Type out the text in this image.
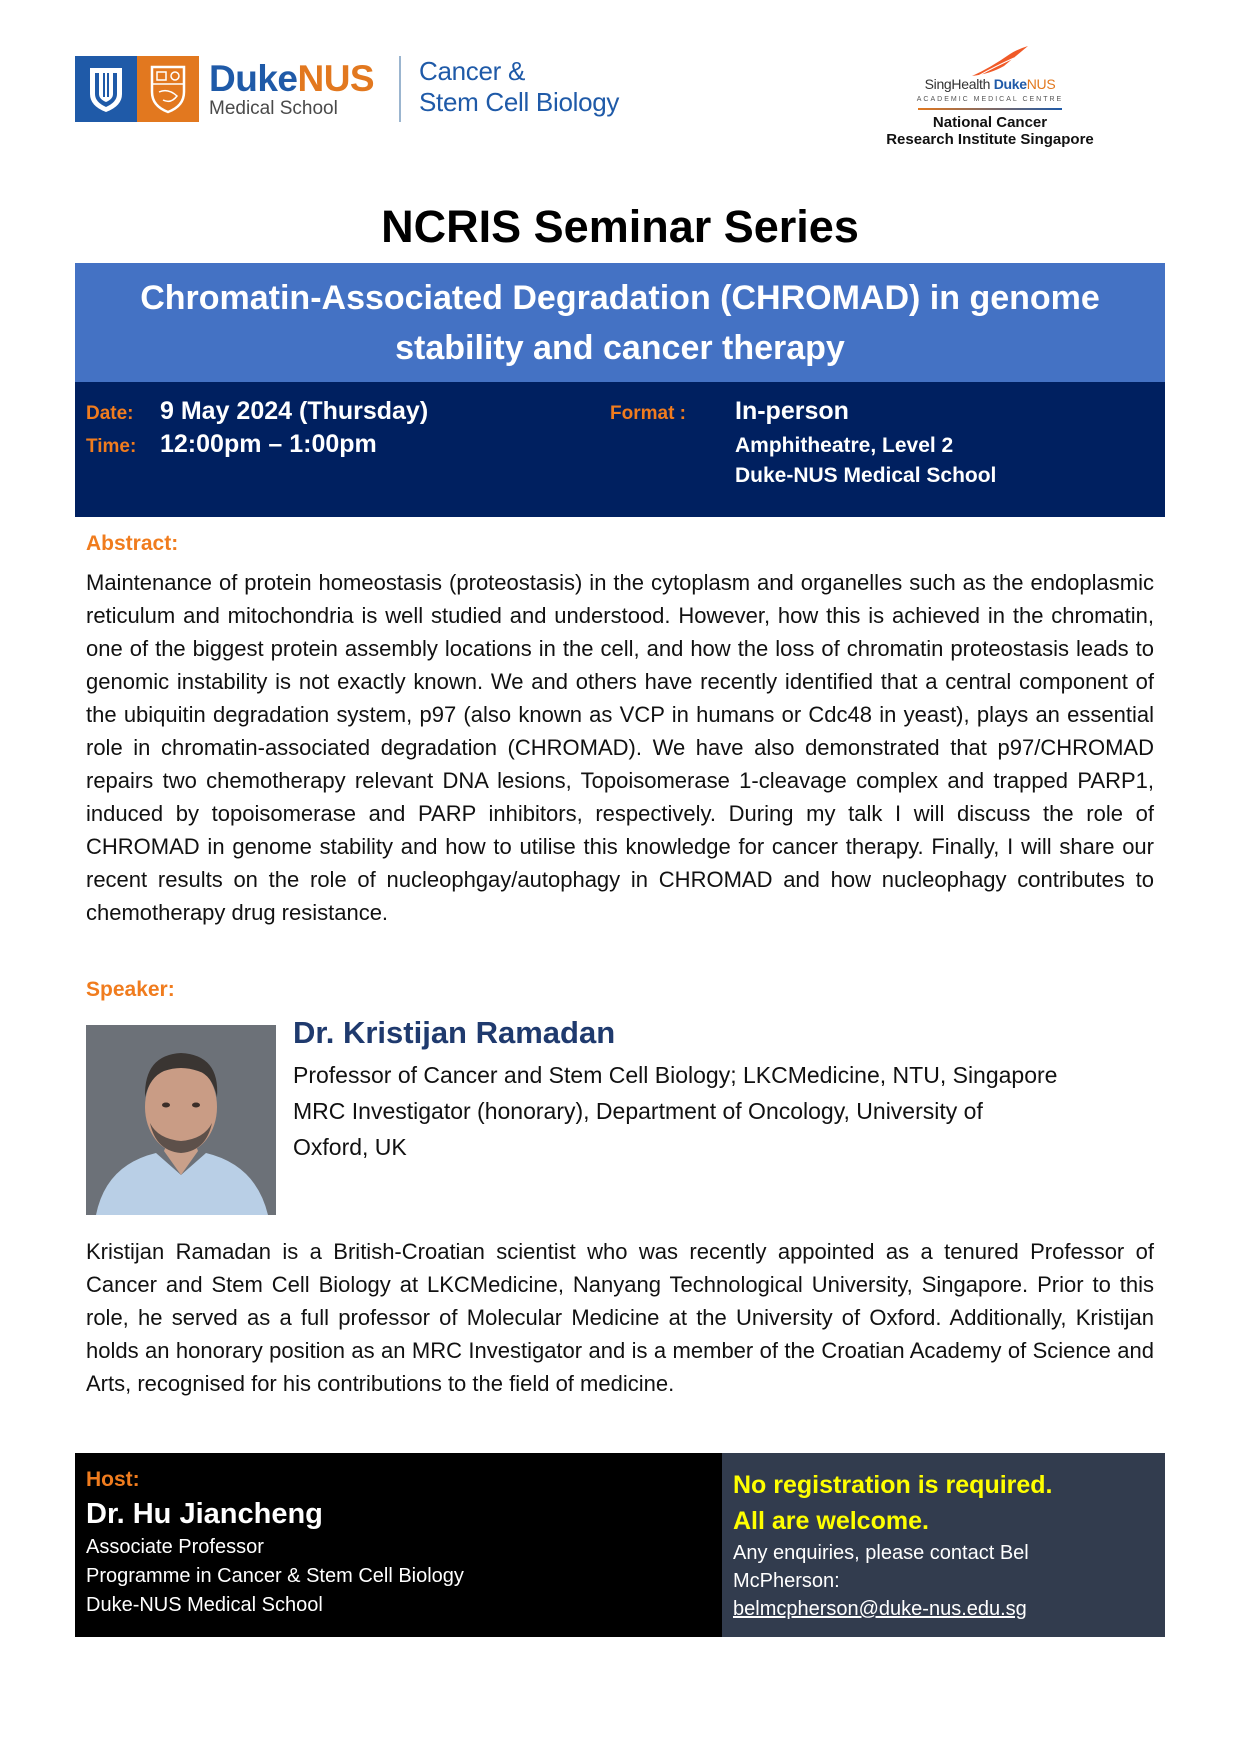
DukeNUS
Medical School
Cancer &
Stem Cell Biology
SingHealth DukeNUS
ACADEMIC MEDICAL CENTRE
National Cancer
Research Institute Singapore
NCRIS Seminar Series
Chromatin-Associated Degradation (CHROMAD) in genome stability and cancer therapy
Date: 9 May 2024 (Thursday)
Time: 12:00pm – 1:00pm
Format : In-person
Amphitheatre, Level 2
Duke-NUS Medical School
Abstract:
Maintenance of protein homeostasis (proteostasis) in the cytoplasm and organelles such as the endoplasmic reticulum and mitochondria is well studied and understood. However, how this is achieved in the chromatin, one of the biggest protein assembly locations in the cell, and how the loss of chromatin proteostasis leads to genomic instability is not exactly known. We and others have recently identified that a central component of the ubiquitin degradation system, p97 (also known as VCP in humans or Cdc48 in yeast), plays an essential role in chromatin-associated degradation (CHROMAD). We have also demonstrated that p97/CHROMAD repairs two chemotherapy relevant DNA lesions, Topoisomerase 1-cleavage complex and trapped PARP1, induced by topoisomerase and PARP inhibitors, respectively. During my talk I will discuss the role of CHROMAD in genome stability and how to utilise this knowledge for cancer therapy. Finally, I will share our recent results on the role of nucleophgay/autophagy in CHROMAD and how nucleophagy contributes to chemotherapy drug resistance.
Speaker:
Dr. Kristijan Ramadan
Professor of Cancer and Stem Cell Biology; LKCMedicine, NTU, Singapore
MRC Investigator (honorary), Department of Oncology, University of
Oxford, UK
Kristijan Ramadan is a British-Croatian scientist who was recently appointed as a tenured Professor of Cancer and Stem Cell Biology at LKCMedicine, Nanyang Technological University, Singapore. Prior to this role, he served as a full professor of Molecular Medicine at the University of Oxford. Additionally, Kristijan holds an honorary position as an MRC Investigator and is a member of the Croatian Academy of Science and Arts, recognised for his contributions to the field of medicine.
Host:
Dr. Hu Jiancheng
Associate Professor
Programme in Cancer & Stem Cell Biology
Duke-NUS Medical School
No registration is required.
All are welcome.
Any enquiries, please contact Bel
McPherson:
belmcpherson@duke-nus.edu.sg
